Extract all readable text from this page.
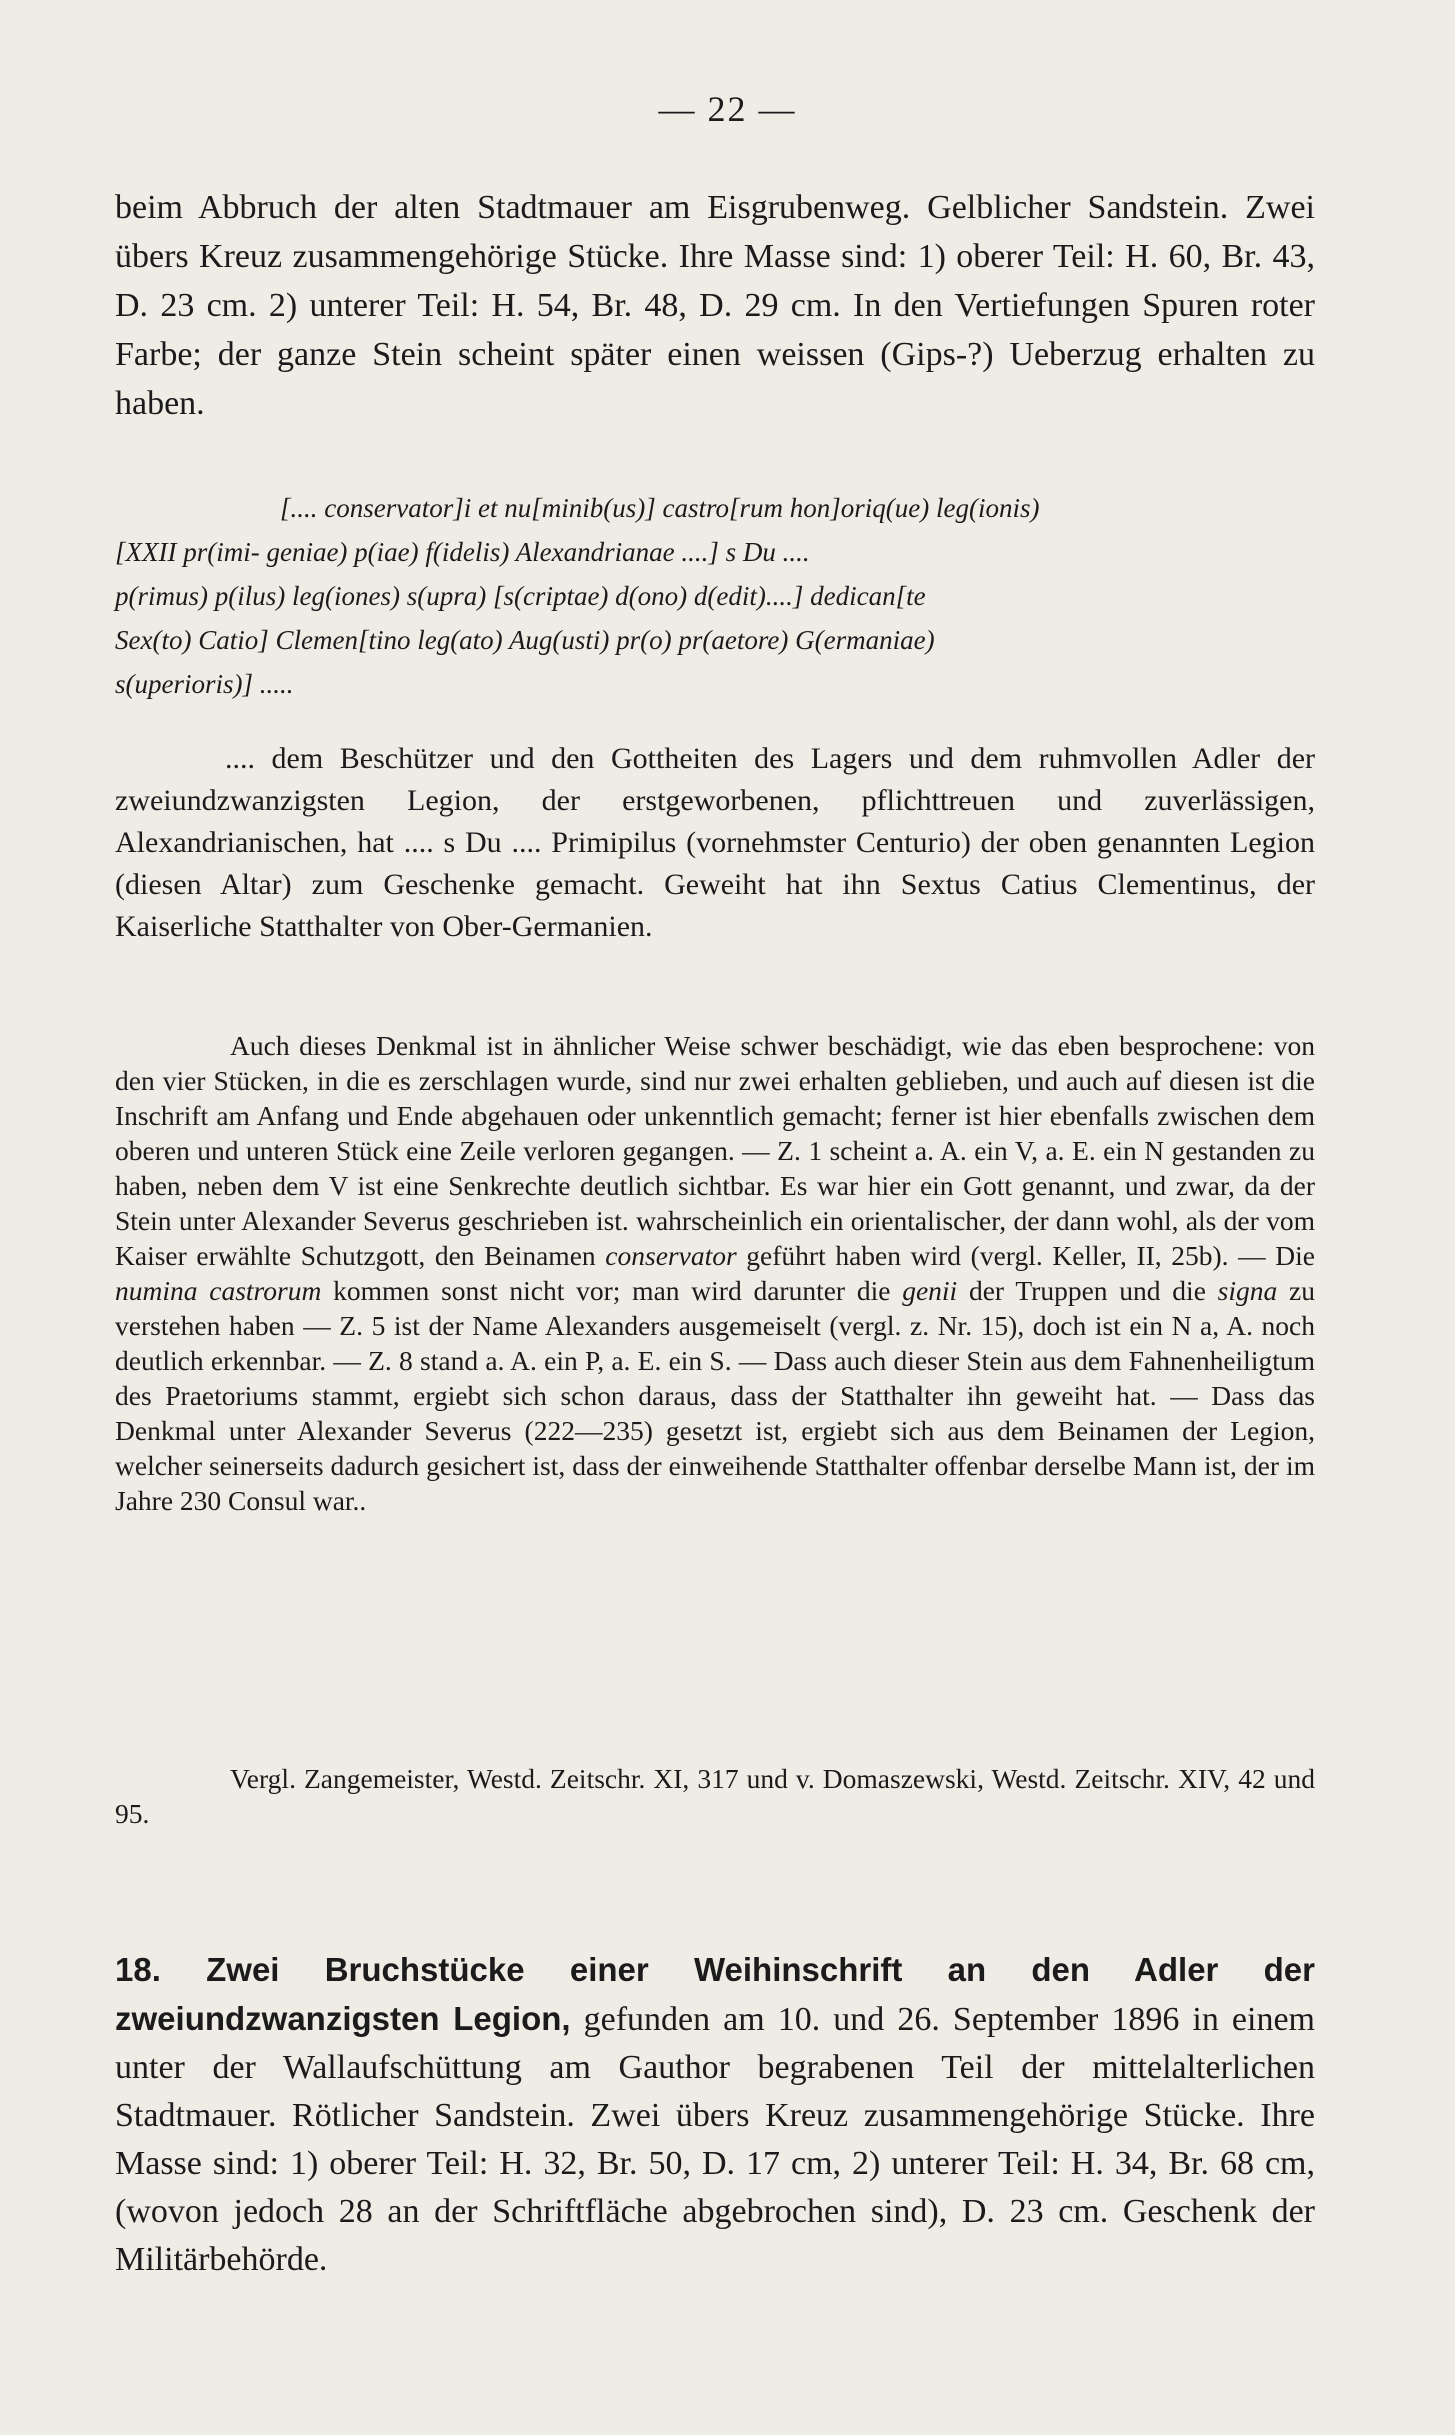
— 22 —
beim Abbruch der alten Stadtmauer am Eisgrubenweg. Gelblicher Sandstein. Zwei übers Kreuz zusammengehörige Stücke. Ihre Masse sind: 1) oberer Teil: H. 60, Br. 43, D. 23 cm. 2) unterer Teil: H. 54, Br. 48, D. 29 cm. In den Vertiefungen Spuren roter Farbe; der ganze Stein scheint später einen weissen (Gips-?) Ueberzug erhalten zu haben.
[.... conservator]i et nu[minib(us)] castro[rum hon]oriq(ue) leg(ionis)
[XXII pr(imi- geniae) p(iae) f(idelis) Alexandrianae ....] s Du ....
p(rimus) p(ilus) leg(iones) s(upra) [s(criptae) d(ono) d(edit)....] dedican[te
Sex(to) Catio] Clemen[tino leg(ato) Aug(usti) pr(o) pr(aetore) G(ermaniae)
s(uperioris)] .....

.... dem Beschützer und den Gottheiten des Lagers und dem ruhmvollen Adler der zweiundzwanzigsten Legion, der erstgeworbenen, pflichttreuen und zuverlässigen, Alexandrianischen, hat .... s Du .... Primipilus (vornehmster Centurio) der oben genannten Legion (diesen Altar) zum Geschenke gemacht. Geweiht hat ihn Sextus Catius Clementinus, der Kaiserliche Statthalter von Ober-Germanien.

Auch dieses Denkmal ist in ähnlicher Weise schwer beschädigt, wie das eben besprochene: von den vier Stücken, in die es zerschlagen wurde, sind nur zwei erhalten geblieben, und auch auf diesen ist die Inschrift am Anfang und Ende abgehauen oder unkenntlich gemacht; ferner ist hier ebenfalls zwischen dem oberen und unteren Stück eine Zeile verloren gegangen. — Z. 1 scheint a. A. ein V, a. E. ein N gestanden zu haben, neben dem V ist eine Senkrechte deutlich sichtbar. Es war hier ein Gott genannt, und zwar, da der Stein unter Alexander Severus geschrieben ist. wahrscheinlich ein orientalischer, der dann wohl, als der vom Kaiser erwählte Schutzgott, den Beinamen conservator geführt haben wird (vergl. Keller, II, 25b). — Die numina castrorum kommen sonst nicht vor; man wird darunter die genii der Truppen und die signa zu verstehen haben — Z. 5 ist der Name Alexanders ausgemeiselt (vergl. z. Nr. 15), doch ist ein N a, A. noch deutlich erkennbar. — Z. 8 stand a. A. ein P, a. E. ein S. — Dass auch dieser Stein aus dem Fahnenheiligtum des Praetoriums stammt, ergiebt sich schon daraus, dass der Statthalter ihn geweiht hat. — Dass das Denkmal unter Alexander Severus (222—235) gesetzt ist, ergiebt sich aus dem Beinamen der Legion, welcher seinerseits dadurch gesichert ist, dass der einweihende Statthalter offenbar derselbe Mann ist, der im Jahre 230 Consul war..

Vergl. Zangemeister, Westd. Zeitschr. XI, 317 und v. Domaszewski, Westd. Zeitschr. XIV, 42 und 95.

18. Zwei Bruchstücke einer Weihinschrift an den Adler der zweiundzwanzigsten Legion, gefunden am 10. und 26. September 1896 in einem unter der Wallaufschüttung am Gauthor begrabenen Teil der mittelalterlichen Stadtmauer. Rötlicher Sandstein. Zwei übers Kreuz zusammengehörige Stücke. Ihre Masse sind: 1) oberer Teil: H. 32, Br. 50, D. 17 cm, 2) unterer Teil: H. 34, Br. 68 cm, (wovon jedoch 28 an der Schriftfläche abgebrochen sind), D. 23 cm. Geschenk der Militärbehörde.
